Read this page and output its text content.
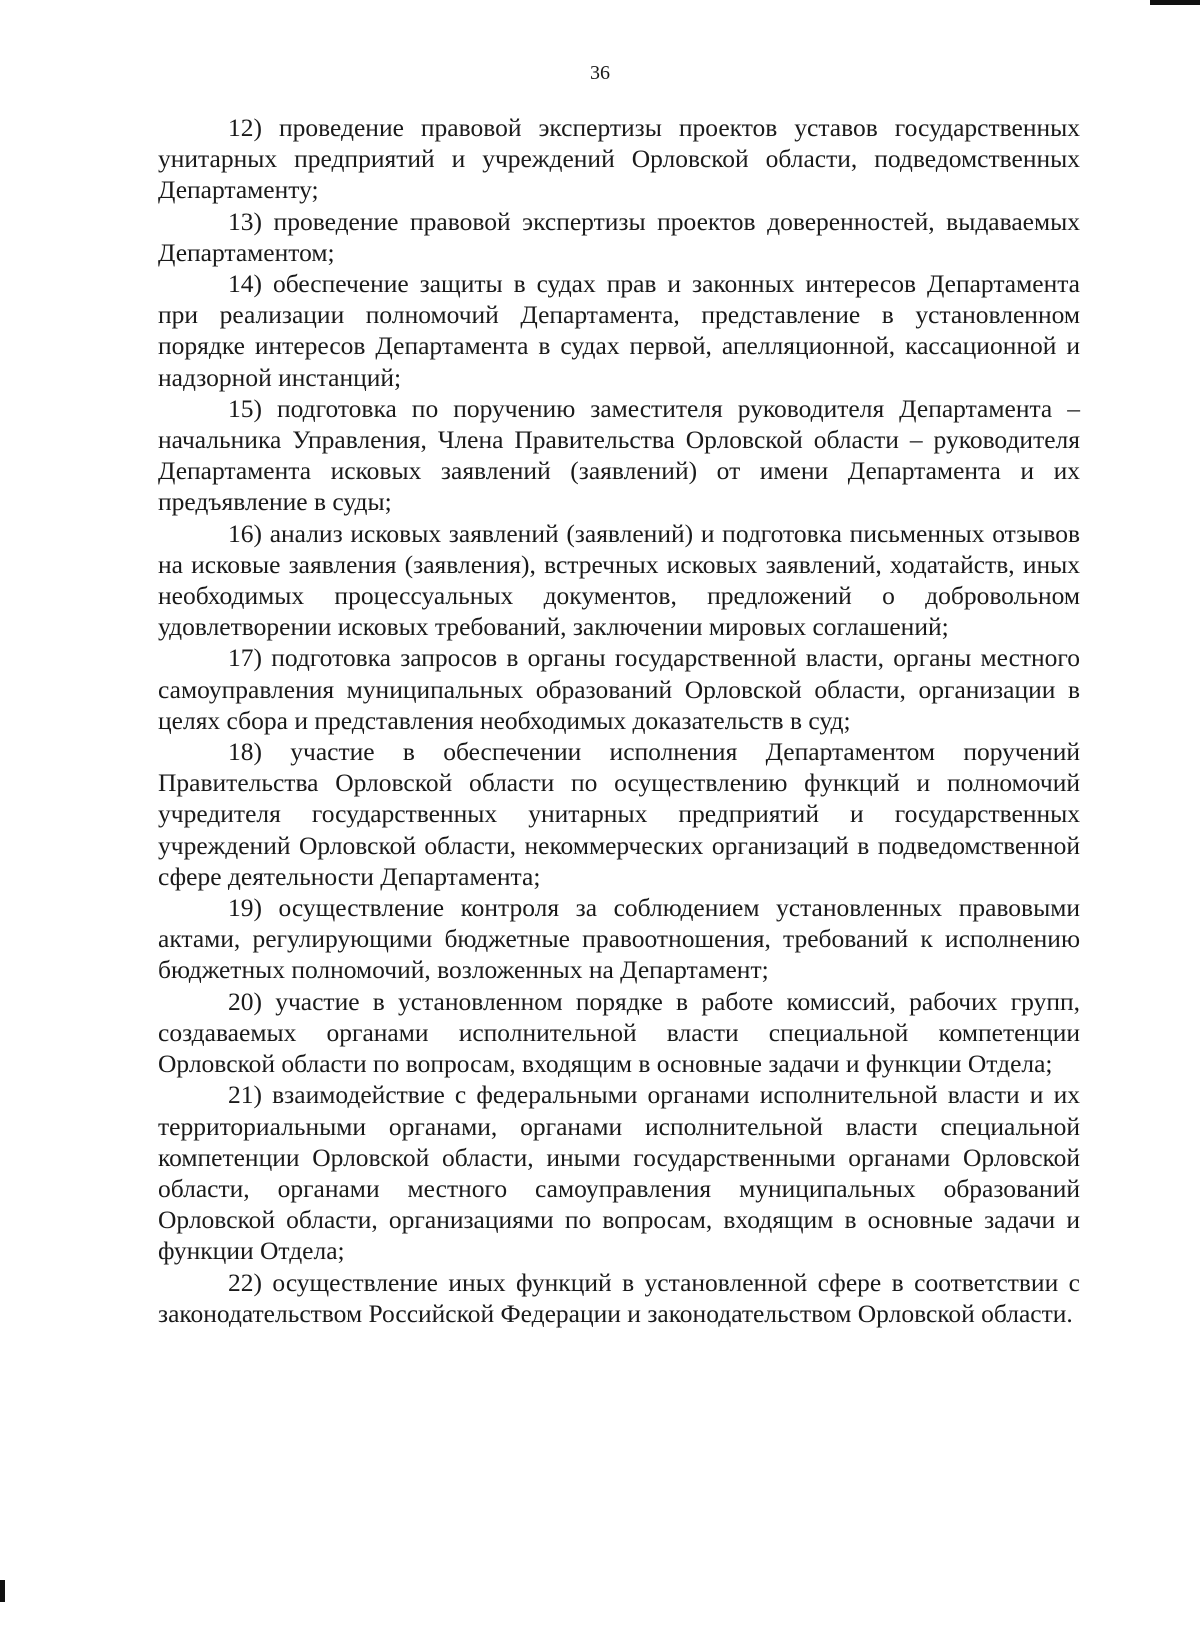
36

12) проведение правовой экспертизы проектов уставов государственных унитарных предприятий и учреждений Орловской области, подведомственных Департаменту;

13) проведение правовой экспертизы проектов доверенностей, выдаваемых Департаментом;

14) обеспечение защиты в судах прав и законных интересов Департамента при реализации полномочий Департамента, представление в установленном порядке интересов Департамента в судах первой, апелляционной, кассационной и надзорной инстанций;

15) подготовка по поручению заместителя руководителя Департамента – начальника Управления, Члена Правительства Орловской области – руководителя Департамента исковых заявлений (заявлений) от имени Департамента и их предъявление в суды;

16) анализ исковых заявлений (заявлений) и подготовка письменных отзывов на исковые заявления (заявления), встречных исковых заявлений, ходатайств, иных необходимых процессуальных документов, предложений о добровольном удовлетворении исковых требований, заключении мировых соглашений;

17) подготовка запросов в органы государственной власти, органы местного самоуправления муниципальных образований Орловской области, организации в целях сбора и представления необходимых доказательств в суд;

18) участие в обеспечении исполнения Департаментом поручений Правительства Орловской области по осуществлению функций и полномочий учредителя государственных унитарных предприятий и государственных учреждений Орловской области, некоммерческих организаций в подведомственной сфере деятельности Департамента;

19) осуществление контроля за соблюдением установленных правовыми актами, регулирующими бюджетные правоотношения, требований к исполнению бюджетных полномочий, возложенных на Департамент;

20) участие в установленном порядке в работе комиссий, рабочих групп, создаваемых органами исполнительной власти специальной компетенции Орловской области по вопросам, входящим в основные задачи и функции Отдела;

21) взаимодействие с федеральными органами исполнительной власти и их территориальными органами, органами исполнительной власти специальной компетенции Орловской области, иными государственными органами Орловской области, органами местного самоуправления муниципальных образований Орловской области, организациями по вопросам, входящим в основные задачи и функции Отдела;

22) осуществление иных функций в установленной сфере в соответствии с законодательством Российской Федерации и законодательством Орловской области.
